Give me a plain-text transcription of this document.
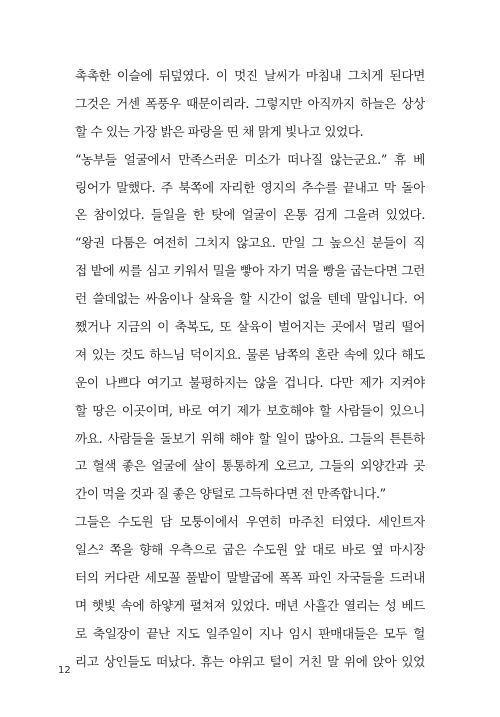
촉촉한 이슬에 뒤덮였다. 이 멋진 날씨가 마침내 그치게 된다면
그것은 거센 폭풍우 때문이리라. 그렇지만 아직까지 하늘은 상상
할 수 있는 가장 밝은 파랑을 띤 채 맑게 빛나고 있었다.
“농부들 얼굴에서 만족스러운 미소가 떠나질 않는군요.” 휴 베
링어가 말했다. 주 북쪽에 자리한 영지의 추수를 끝내고 막 돌아
온 참이었다. 들일을 한 탓에 얼굴이 온통 검게 그을려 있었다.
“왕권 다툼은 여전히 그치지 않고요. 만일 그 높으신 분들이 직
접 밭에 씨를 심고 키워서 밀을 빻아 자기 먹을 빵을 굽는다면 그런
런 쓸데없는 싸움이나 살육을 할 시간이 없을 텐데 말입니다. 어
쨌거나 지금의 이 축복도, 또 살육이 벌어지는 곳에서 멀리 떨어
져 있는 것도 하느님 덕이지요. 물론 남쪽의 혼란 속에 있다 해도
운이 나쁘다 여기고 불평하지는 않을 겁니다. 다만 제가 지켜야
할 땅은 이곳이며, 바로 여기 제가 보호해야 할 사람들이 있으니
까요. 사람들을 돌보기 위해 해야 할 일이 많아요. 그들의 튼튼하
고 혈색 좋은 얼굴에 살이 통통하게 오르고, 그들의 외양간과 곳
간이 먹을 것과 질 좋은 양털로 그득하다면 전 만족합니다.”
그들은 수도원 담 모퉁이에서 우연히 마주친 터였다. 세인트자
일스² 쪽을 향해 우측으로 굽은 수도원 앞 대로 바로 옆 마시장
터의 커다란 세모꼴 풀밭이 말발굽에 폭폭 파인 자국들을 드러내
며 햇빛 속에 하얗게 펼쳐져 있었다. 매년 사흘간 열리는 성 베드
로 축일장이 끝난 지도 일주일이 지나 임시 판매대들은 모두 헐
리고 상인들도 떠났다. 휴는 야위고 털이 거친 말 위에 앉아 있었
12
